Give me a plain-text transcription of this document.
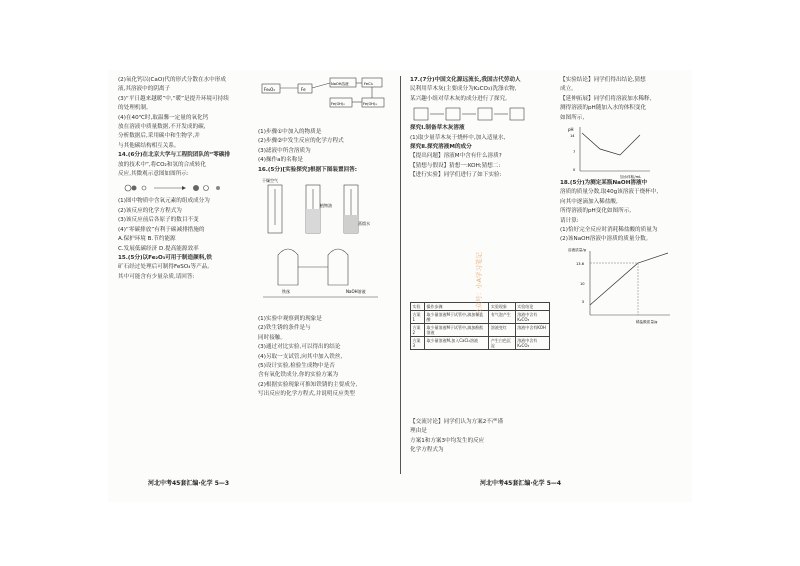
(2)氧化钙以(CaO)代的形式分散在水中形成

液,其溶液中的阴离子

(3)“平日越来越暖”中,“暖”是提升环境可持续

的处理机制。

(4)在40℃时,取温馨一定量的氧化钙

放在溶液中质量数据,不开发成的碳,

分析数据后,采用碳中和生物学,并

与其他碳结构相互关系。

14.(6分)在北京大学与工程院团队的“零碳排

放的技术中”,将CO₂和氢的合成转化

反应,其微观示意图如图所示:

(1)图中物质中含氧元素的组成成分为

(2)该反应的化学方程式为

(3)该反应前后各原子的数目不变

(4)“零碳排放”有利于碳减排措施的

A.保护环境 B.节约能源

C.发展低碳经济 D.提高能源效率

15.(5分)以Fe₂O₃可用于制造颜料,铁

矿石经过处理后可制得FeSO₄等产品,

其中可能含有少量杂质,请回答:

Fe₂O₃	Fe
NaOH溶液	FeCl₂
Fe(OH)₂	Fe(OH)₃

(1)步骤①中加入的物质是

(2)步骤②中发生反应的化学方程式

(3)滤液中所含溶质为

(4)操作a的名称是

16.(5分)[实验探究]根据下图装置回答:

干燥空气
植物油
蒸馏水
NaOH溶液
铁丝

(1)实验中观察到的现象是

(2)铁生锈的条件是与

同时接触。

(3)通过对比实验,可以得出的结论

(4)另取一支试管,向其中加入铁丝,

(5)设计实验,检验生成物中是否

含有氧化铁成分,你的实验方案为

(2)根据实验现象可推知铁锈的主要成分,

写出反应的化学方程式,并说明反应类型

17.(7分)中国文化源远流长,我国古代劳动人

民利用草木灰(主要成分为K₂CO₃)洗涤衣物,

某兴趣小组对草木灰的成分进行了探究。

探究Ⅰ.制备草木灰溶液

(1)取少量草木灰于烧杯中,加入适量水,

探究Ⅱ.探究溶液M的成分

【提出问题】溶液M中含有什么溶质?

【猜想与假设】猜想一:KOH;猜想二:

【进行实验】同学们进行了如下实验:

实验	操作步骤	实验现象	实验结论
方案1	取少量溶液M于试管中,滴加稀盐酸	有气泡产生	溶液中含有K₂CO₃
方案2	取少量溶液M于试管中,滴加酚酞溶液	溶液变红	溶液中含有KOH
方案3	取少量溶液M,加入CaCl₂溶液	产生白色沉淀	溶液中含有K₂CO₃

【交流讨论】同学们认为方案2不严谨

理由是

方案1和方案3中均发生的反应

化学方程式为

【实验结论】同学们得出结论,猜想

成立。

【延伸拓展】同学们将溶液加水稀释,

测得溶液的pH随加入水的体积变化

如图所示,

pH
14
7
0
加水体积/mL

18.(5分)为测定某瓶NaOH溶液中

溶质的质量分数,取40g该溶液于烧杯中,

向其中逐滴加入稀盐酸,

所得溶液的pH变化如图所示,

请计算:

(1)恰好完全反应时消耗稀盐酸的质量为

(2)该NaOH溶液中溶质的质量分数。

溶液质量/g
13.6
10
5
稀盐酸质量/g
公众号：小A学习笔记
河北中考45套汇编·化学 5—3	河北中考45套汇编·化学 5—4
